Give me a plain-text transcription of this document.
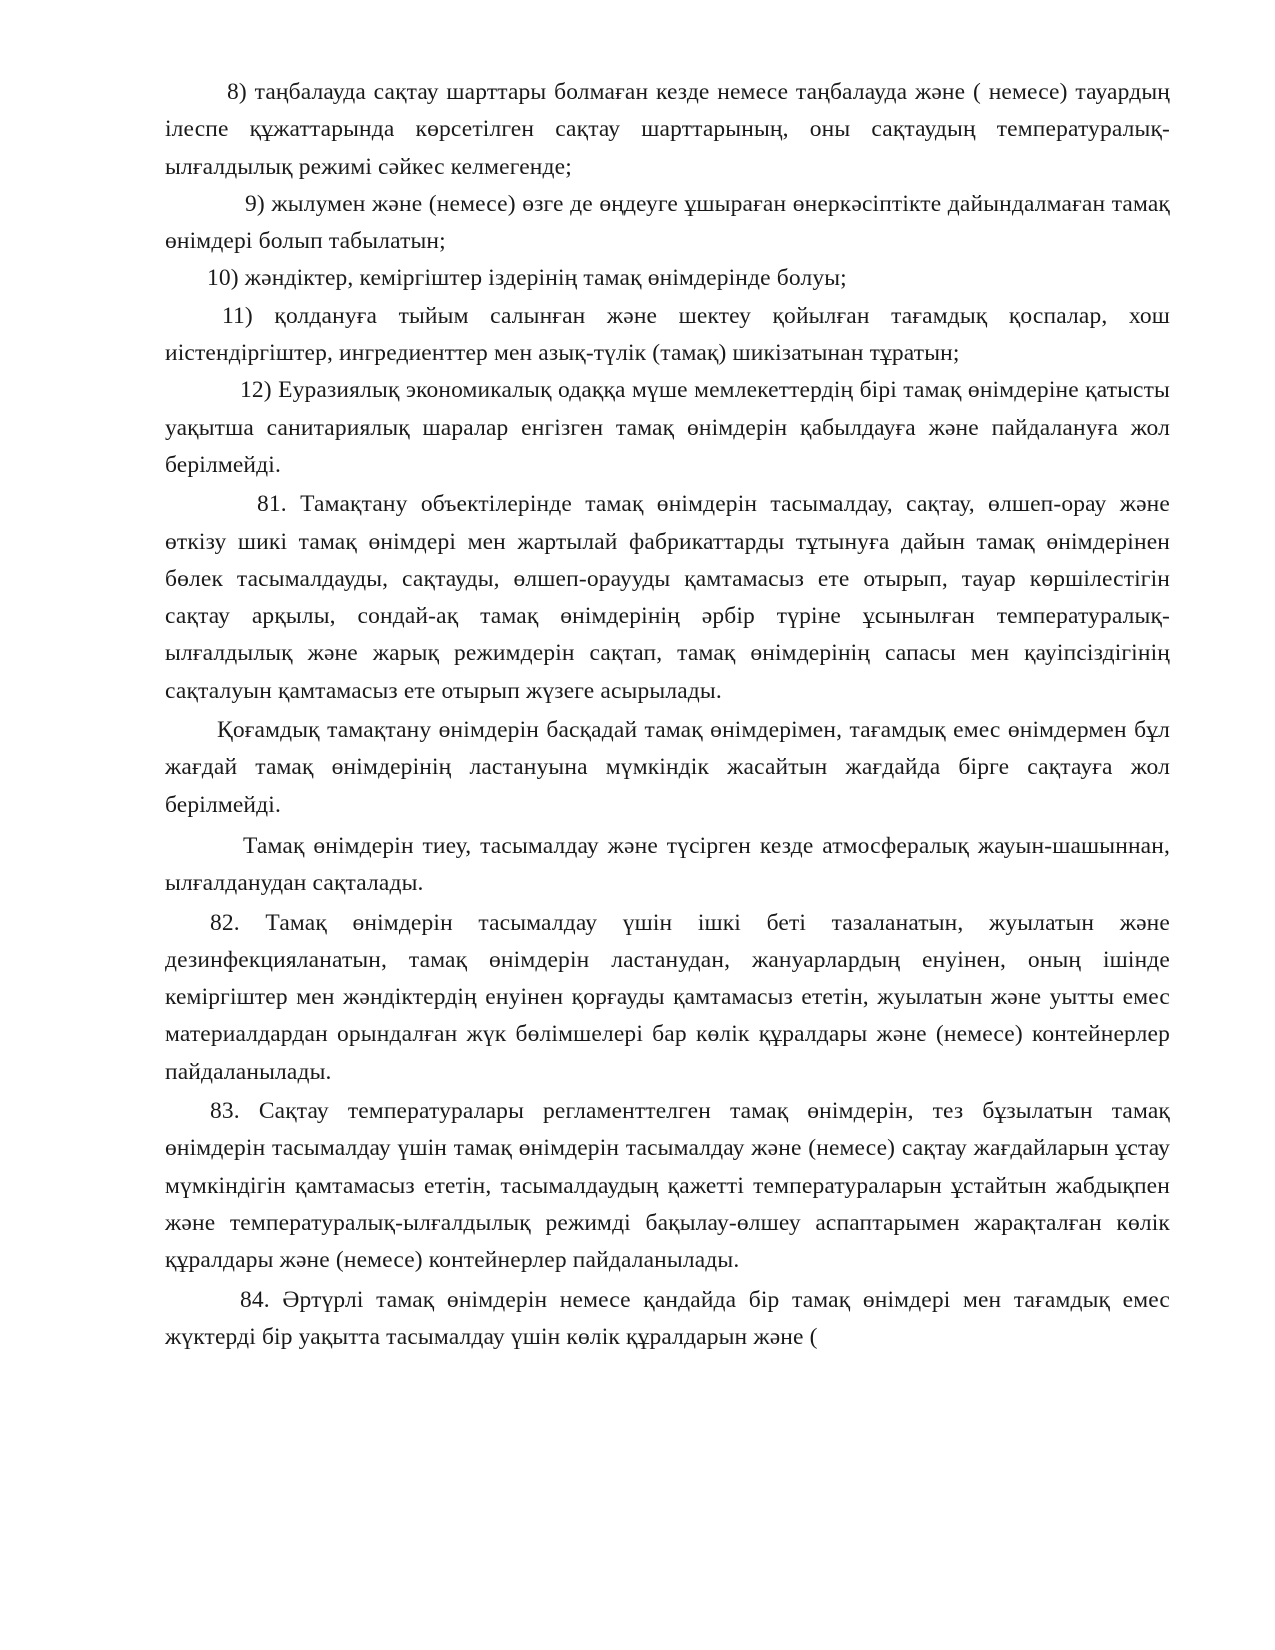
8) таңбалауда сақтау шарттары болмаған кезде немесе таңбалауда және ( немесе) тауардың ілеспе құжаттарында көрсетілген сақтау шарттарының, оны сақтаудың температуралық-ылғалдылық режимі сәйкес келмегенде;

9) жылумен және (немесе) өзге де өңдеуге ұшыраған өнеркәсіптікте дайындалмаған тамақ өнімдері болып табылатын;

10) жәндіктер, кеміргіштер іздерінің тамақ өнімдерінде болуы;

11) қолдануға тыйым салынған және шектеу қойылған тағамдық қоспалар, хош иістендіргіштер, ингредиенттер мен азық-түлік (тамақ) шикізатынан тұратын;

12) Еуразиялық экономикалық одаққа мүше мемлекеттердің бірі тамақ өнімдеріне қатысты уақытша санитариялық шаралар енгізген тамақ өнімдерін қабылдауға және пайдалануға жол берілмейді.

81. Тамақтану объектілерінде тамақ өнімдерін тасымалдау, сақтау, өлшеп-орау және өткізу шикі тамақ өнімдері мен жартылай фабрикаттарды тұтынуға дайын тамақ өнімдерінен бөлек тасымалдауды, сақтауды, өлшеп-ораууды қамтамасыз ете отырып, тауар көршілестігін сақтау арқылы, сондай-ақ тамақ өнімдерінің әрбір түріне ұсынылған температуралық-ылғалдылық және жарық режимдерін сақтап, тамақ өнімдерінің сапасы мен қауіпсіздігінің сақталуын қамтамасыз ете отырып жүзеге асырылады.

Қоғамдық тамақтану өнімдерін басқадай тамақ өнімдерімен, тағамдық емес өнімдермен бұл жағдай тамақ өнімдерінің ластануына мүмкіндік жасайтын жағдайда бірге сақтауға жол берілмейді.

Тамақ өнімдерін тиеу, тасымалдау және түсірген кезде атмосфералық жауын-шашыннан, ылғалданудан сақталады.

82. Тамақ өнімдерін тасымалдау үшін ішкі беті тазаланатын, жуылатын және дезинфекцияланатын, тамақ өнімдерін ластанудан, жануарлардың енуінен, оның ішінде кеміргіштер мен жәндіктердің енуінен қорғауды қамтамасыз ететін, жуылатын және уытты емес материалдардан орындалған жүк бөлімшелері бар көлік құралдары және (немесе) контейнерлер пайдаланылады.

83. Сақтау температуралары регламенттелген тамақ өнімдерін, тез бұзылатын тамақ өнімдерін тасымалдау үшін тамақ өнімдерін тасымалдау және (немесе) сақтау жағдайларын ұстау мүмкіндігін қамтамасыз ететін, тасымалдаудың қажетті температураларын ұстайтын жабдықпен және температуралық-ылғалдылық режимді бақылау-өлшеу аспаптарымен жарақталған көлік құралдары және (немесе) контейнерлер пайдаланылады.

84. Әртүрлі тамақ өнімдерін немесе қандайда бір тамақ өнімдері мен тағамдық емес жүктерді бір уақытта тасымалдау үшін көлік құралдарын және (
